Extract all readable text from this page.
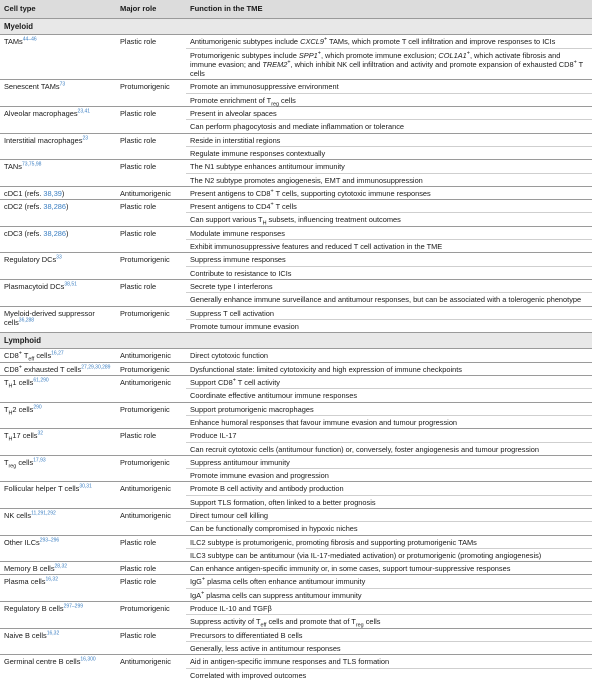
Cell type	Major role	Function in the TME
Myeloid		
TAMs$^{44-46}$	Plastic role	Antitumorigenic subtypes include CXCL9+ TAMs, which promote T cell infiltration and improve responses to ICIs
Protumorigenic subtypes include SPP1+, which promote immune exclusion; COL1A1+, which activate fibrosis and immune evasion; and TREM2+, which inhibit NK cell infiltration and activity and promote expansion of exhausted CD8+ T cells

Senescent TAMs$^{73}$	Protumorigenic	Promote an immunosuppressive environment
Promote enrichment of $T_{reg}$ cells

Alveolar macrophages$^{23,41}$	Plastic role	Present in alveolar spaces
Can perform phagocytosis and mediate inflammation or tolerance

Interstitial macrophages$^{23}$	Plastic role	Reside in interstitial regions
Regulate immune responses contextually

TANs$^{73,75,98}$	Plastic role	The N1 subtype enhances antitumour immunity
The N2 subtype promotes angiogenesis, EMT and immunosuppression

cDC1 (refs. 38,39)	Antitumorigenic	Present antigens to CD8+ T cells, supporting cytotoxic immune responses

cDC2 (refs. 38,286)	Plastic role	Present antigens to CD4+ T cells
Can support various $T_H$ subsets, influencing treatment outcomes

cDC3 (refs. 38,286)	Plastic role	Modulate immune responses
Exhibit immunosuppressive features and reduced T cell activation in the TME

Regulatory DCs$^{33}$	Protumorigenic	Suppress immune responses
Contribute to resistance to ICIs

Plasmacytoid DCs$^{38,51}$	Plastic role	Secrete type I interferons
Generally enhance immune surveillance and antitumour responses, but can be associated with a tolerogenic phenotype

Myeloid-derived suppressor cells$^{36,288}$	Protumorigenic	Suppress T cell activation
Promote tumour immune evasion

Lymphoid		
CD8+ $T_{eff}$ cells$^{16,27}$	Antitumorigenic	Direct cytotoxic function

CD8+ exhausted T cells$^{27,29,30,289}$	Protumorigenic	Dysfunctional state: limited cytotoxicity and high expression of immune checkpoints

$T_H1$ cells$^{61,290}$	Antitumorigenic	Support CD8+ T cell activity
Coordinate effective antitumour immune responses

$T_H2$ cells$^{290}$	Protumorigenic	Support protumorigenic macrophages
Enhance humoral responses that favour immune evasion and tumour progression

$T_H17$ cells$^{32}$	Plastic role	Produce IL-17
Can recruit cytotoxic cells (antitumour function) or, conversely, foster angiogenesis and tumour progression

$T_{reg}$ cells$^{17,93}$	Protumorigenic	Suppress antitumour immunity
Promote immune evasion and progression

Follicular helper T cells$^{30,31}$	Antitumorigenic	Promote B cell activity and antibody production
Support TLS formation, often linked to a better prognosis

NK cells$^{11,291,292}$	Antitumorigenic	Direct tumour cell killing
Can be functionally compromised in hypoxic niches

Other ILCs$^{293-296}$	Plastic role	ILC2 subtype is protumorigenic, promoting fibrosis and supporting protumorigenic TAMs
ILC3 subtype can be antitumour (via IL-17-mediated activation) or protumorigenic (promoting angiogenesis)

Memory B cells$^{28,32}$	Plastic role	Can enhance antigen-specific immunity or, in some cases, support tumour-suppressive responses

Plasma cells$^{16,32}$	Plastic role	IgG+ plasma cells often enhance antitumour immunity
IgA+ plasma cells can suppress antitumour immunity

Regulatory B cells$^{297-299}$	Protumorigenic	Produce IL-10 and TGFβ
Suppress activity of $T_{eff}$ cells and promote that of $T_{reg}$ cells

Naive B cells$^{16,32}$	Plastic role	Precursors to differentiated B cells
Generally, less active in antitumour responses

Germinal centre B cells$^{16,300}$	Antitumorigenic	Aid in antigen-specific immune responses and TLS formation
Correlated with improved outcomes
